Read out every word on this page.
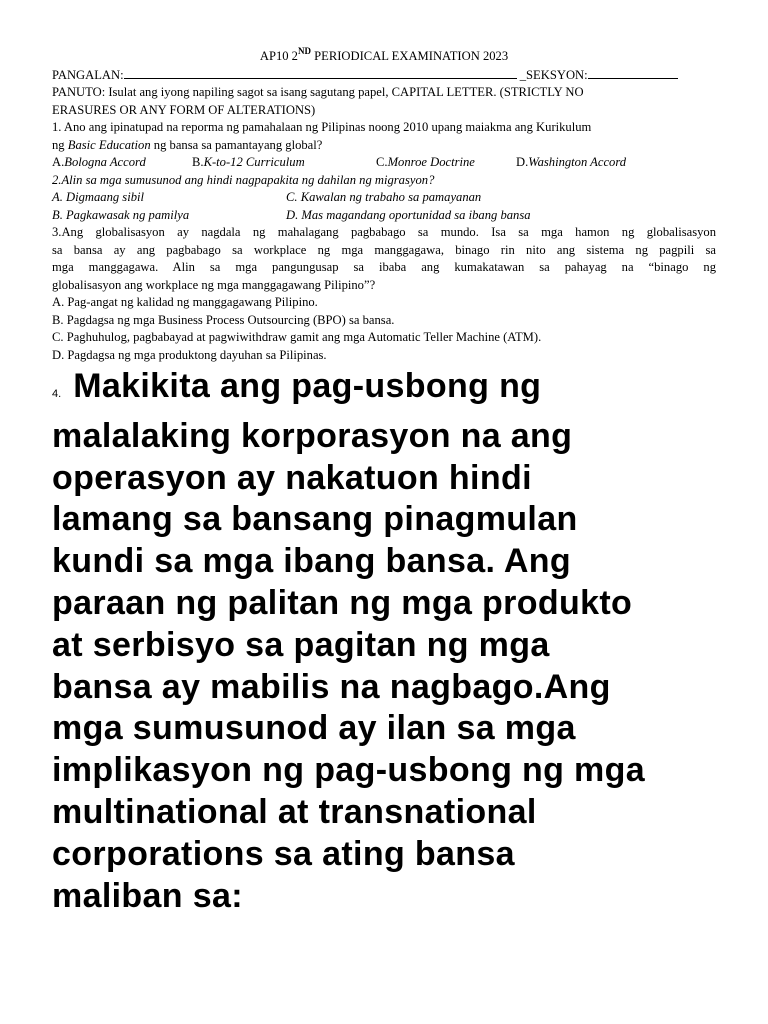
AP10 2ND PERIODICAL EXAMINATION 2023
PANGALAN:	_SEKSYON:
PANUTO: Isulat ang iyong napiling sagot sa isang sagutang papel, CAPITAL LETTER. (STRICTLY NO
ERASURES OR ANY FORM OF ALTERATIONS)
1. Ano ang ipinatupad na reporma ng pamahalaan ng Pilipinas noong 2010 upang maiakma ang Kurikulum
ng Basic Education ng bansa sa pamantayang global?
A.Bologna Accord	B.K-to-12 Curriculum	C.Monroe Doctrine	D.Washington Accord
2.Alin sa mga sumusunod ang hindi nagpapakita ng dahilan ng migrasyon?
A. Digmaang sibil	C. Kawalan ng trabaho sa pamayanan
B. Pagkawasak ng pamilya	D. Mas magandang oportunidad sa ibang bansa
3.Ang globalisasyon ay nagdala ng mahalagang pagbabago sa mundo. Isa sa mga hamon ng globalisasyon
sa bansa ay ang pagbabago sa workplace ng mga manggagawa, binago rin nito ang sistema ng pagpili sa
mga manggagawa. Alin sa mga pangungusap sa ibaba ang kumakatawan sa pahayag na “binago ng
globalisasyon ang workplace ng mga manggagawang Pilipino”?
A. Pag-angat ng kalidad ng manggagawang Pilipino.
B. Pagdagsa ng mga Business Process Outsourcing (BPO) sa bansa.
C. Paghuhulog, pagbabayad at pagwiwithdraw gamit ang mga Automatic Teller Machine (ATM).
D. Pagdagsa ng mga produktong dayuhan sa Pilipinas.
4. Makikita ang pag-usbong ng
malalaking korporasyon na ang
operasyon ay nakatuon hindi
lamang sa bansang pinagmulan
kundi sa mga ibang bansa. Ang
paraan ng palitan ng mga produkto
at serbisyo sa pagitan ng mga
bansa ay mabilis na nagbago.Ang
mga sumusunod ay ilan sa mga
implikasyon ng pag-usbong ng mga
multinational at transnational
corporations sa ating bansa
maliban sa:
